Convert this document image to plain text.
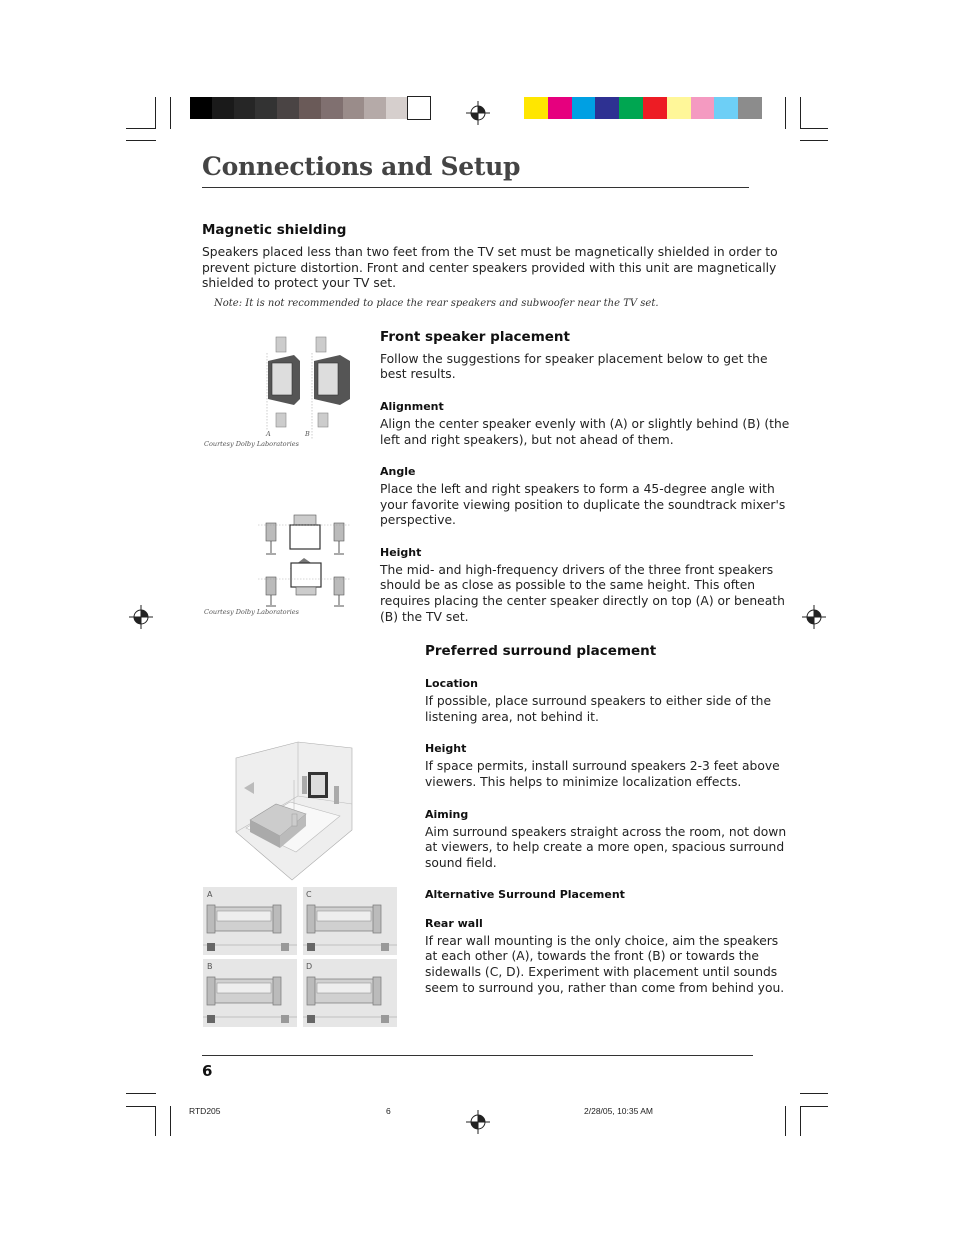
Connections and Setup

Magnetic shielding

Speakers placed less than two feet from the TV set must be magnetically shielded in order to

prevent picture distortion. Front and center speakers provided with this unit are magnetically

shielded to protect your TV set.

Note: It is not recommended to place the rear speakers and subwoofer near the TV set.

A	B
Courtesy Dolby Laboratories
Courtesy Dolby Laboratories

Front speaker placement

Follow the suggestions for speaker placement below to get the

best results.

Alignment

Align the center speaker evenly with (A) or slightly behind (B) (the

left and right speakers), but not ahead of them.

Angle

Place the left and right speakers to form a 45-degree angle with

your favorite viewing position to duplicate the soundtrack mixer's

perspective.

Height

The mid- and high-frequency drivers of the three front speakers

should be as close as possible to the same height. This often

requires placing the center speaker directly on top (A) or beneath

(B) the TV set.

Preferred surround placement

Location

If possible, place surround speakers to either side of the

listening area, not behind it.

Height

If space permits, install surround speakers 2-3 feet above

viewers. This helps to minimize localization effects.

Aiming

Aim surround speakers straight across the room, not down

at viewers, to help create a more open, spacious surround

sound field.

Alternative Surround Placement

Rear wall

If rear wall mounting is the only choice, aim the speakers

at each other (A), towards the front (B) or towards the

sidewalls (C, D). Experiment with placement until sounds

seem to surround you, rather than come from behind you.

A	C
B	D
6
RTD205	6	2/28/05, 10:35 AM
